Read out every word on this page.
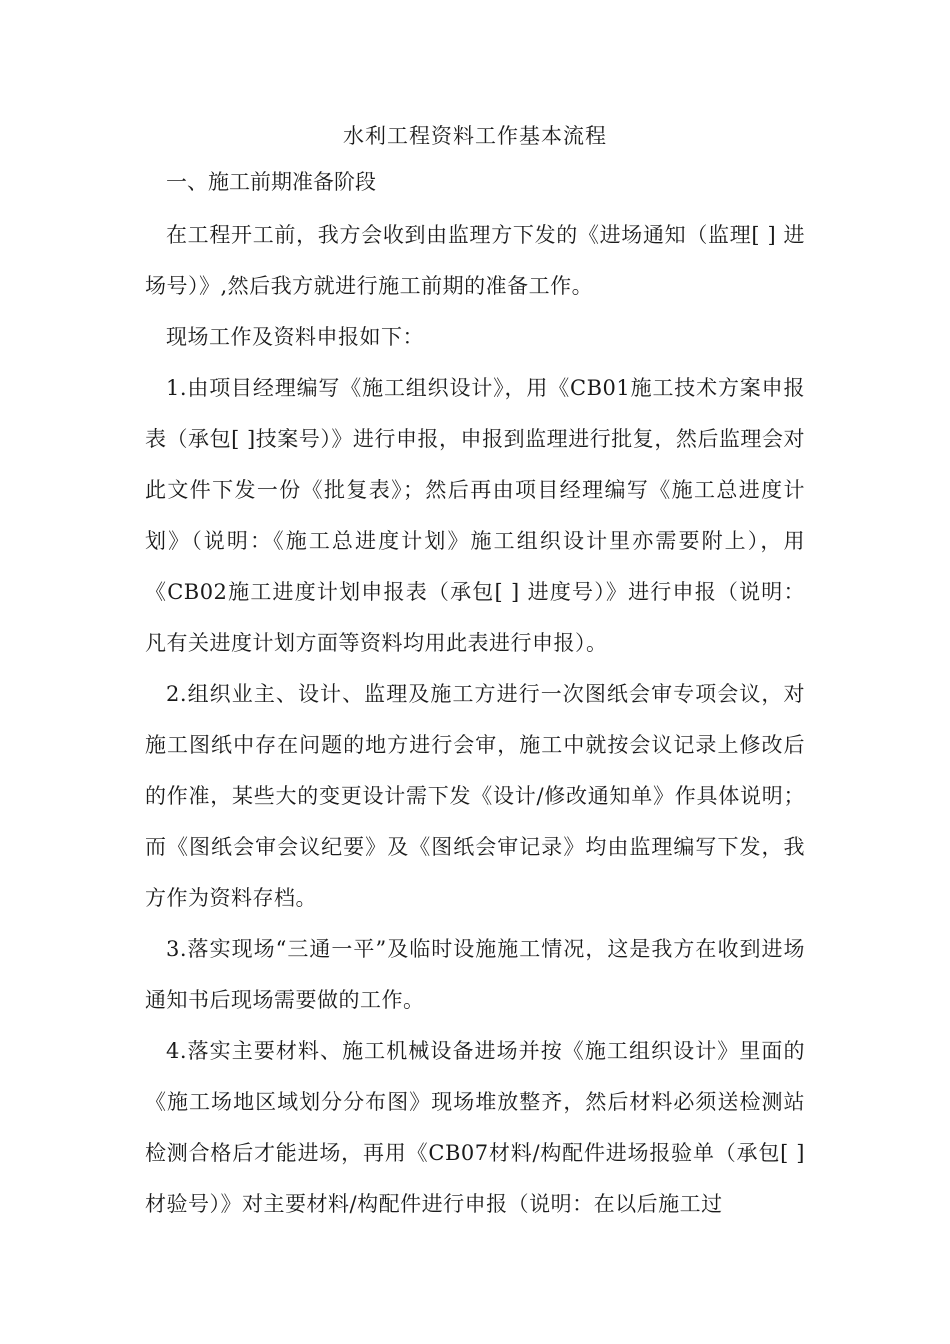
水利工程资料工作基本流程
一、施工前期准备阶段

在工程开工前，我方会收到由监理方下发的《进场通知（监理[ ] 进场号）》,然后我方就进行施工前期的准备工作。

现场工作及资料申报如下：

1.由项目经理编写《施工组织设计》，用《CB01施工技术方案申报表（承包[ ]技案号）》进行申报，申报到监理进行批复，然后监理会对此文件下发一份《批复表》；然后再由项目经理编写《施工总进度计划》（说明：《施工总进度计划》施工组织设计里亦需要附上），用《CB02施工进度计划申报表（承包[ ] 进度号）》进行申报（说明：凡有关进度计划方面等资料均用此表进行申报）。

2.组织业主、设计、监理及施工方进行一次图纸会审专项会议，对施工图纸中存在问题的地方进行会审，施工中就按会议记录上修改后的作准，某些大的变更设计需下发《设计/修改通知单》作具体说明；而《图纸会审会议纪要》及《图纸会审记录》均由监理编写下发，我方作为资料存档。

3.落实现场“三通一平”及临时设施施工情况，这是我方在收到进场通知书后现场需要做的工作。

4.落实主要材料、施工机械设备进场并按《施工组织设计》里面的《施工场地区域划分分布图》现场堆放整齐，然后材料必须送检测站检测合格后才能进场，再用《CB07材料/构配件进场报验单（承包[ ] 材验号）》对主要材料/构配件进行申报（说明：在以后施工过
